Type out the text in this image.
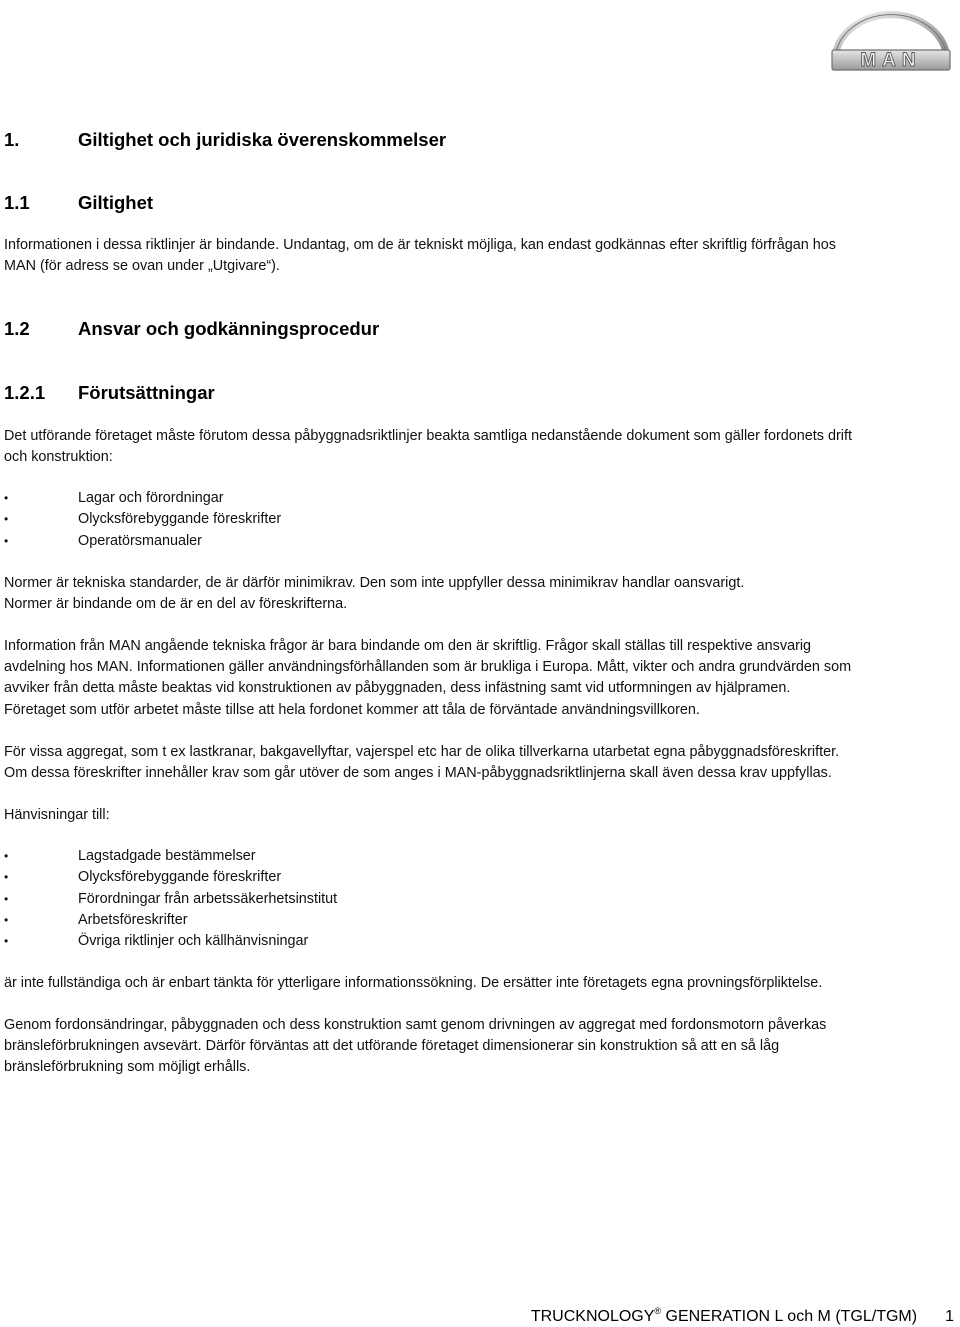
MAN
1.	Giltighet och juridiska överenskommelser
1.1	Giltighet

Informationen i dessa riktlinjer är bindande. Undantag, om de är tekniskt möjliga, kan endast godkännas efter skriftlig förfrågan hos

MAN (för adress se ovan under „Utgivare“).

1.2	Ansvar och godkänningsprocedur
1.2.1 Förutsättningar

Det utförande företaget måste förutom dessa påbyggnadsriktlinjer beakta samtliga nedanstående dokument som gäller fordonets drift

och konstruktion:

•	Lagar och förordningar
•	Olycksförebyggande föreskrifter
•	Operatörsmanualer

Normer är tekniska standarder, de är därför minimikrav. Den som inte uppfyller dessa minimikrav handlar oansvarigt.

Normer är bindande om de är en del av föreskrifterna.

Information från MAN angående tekniska frågor är bara bindande om den är skriftlig. Frågor skall ställas till respektive ansvarig

avdelning hos MAN. Informationen gäller användningsförhållanden som är brukliga i Europa. Mått, vikter och andra grundvärden som

avviker från detta måste beaktas vid konstruktionen av påbyggnaden, dess infästning samt vid utformningen av hjälpramen.

Företaget som utför arbetet måste tillse att hela fordonet kommer att tåla de förväntade användningsvillkoren.

För vissa aggregat, som t ex lastkranar, bakgavellyftar, vajerspel etc har de olika tillverkarna utarbetat egna påbyggnadsföreskrifter.

Om dessa föreskrifter innehåller krav som går utöver de som anges i MAN-påbyggnadsriktlinjerna skall även dessa krav uppfyllas.

Hänvisningar till:

•	Lagstadgade bestämmelser
•	Olycksförebyggande föreskrifter
•	Förordningar från arbetssäkerhetsinstitut
•	Arbetsföreskrifter
•	Övriga riktlinjer och källhänvisningar

är inte fullständiga och är enbart tänkta för ytterligare informationssökning. De ersätter inte företagets egna provningsförpliktelse.

Genom fordonsändringar, påbyggnaden och dess konstruktion samt genom drivningen av aggregat med fordonsmotorn påverkas

bränsleförbrukningen avsevärt. Därför förväntas att det utförande företaget dimensionerar sin konstruktion så att en så låg

bränsleförbrukning som möjligt erhålls.

TRUCKNOLOGY® GENERATION L och M (TGL/TGM) 1
